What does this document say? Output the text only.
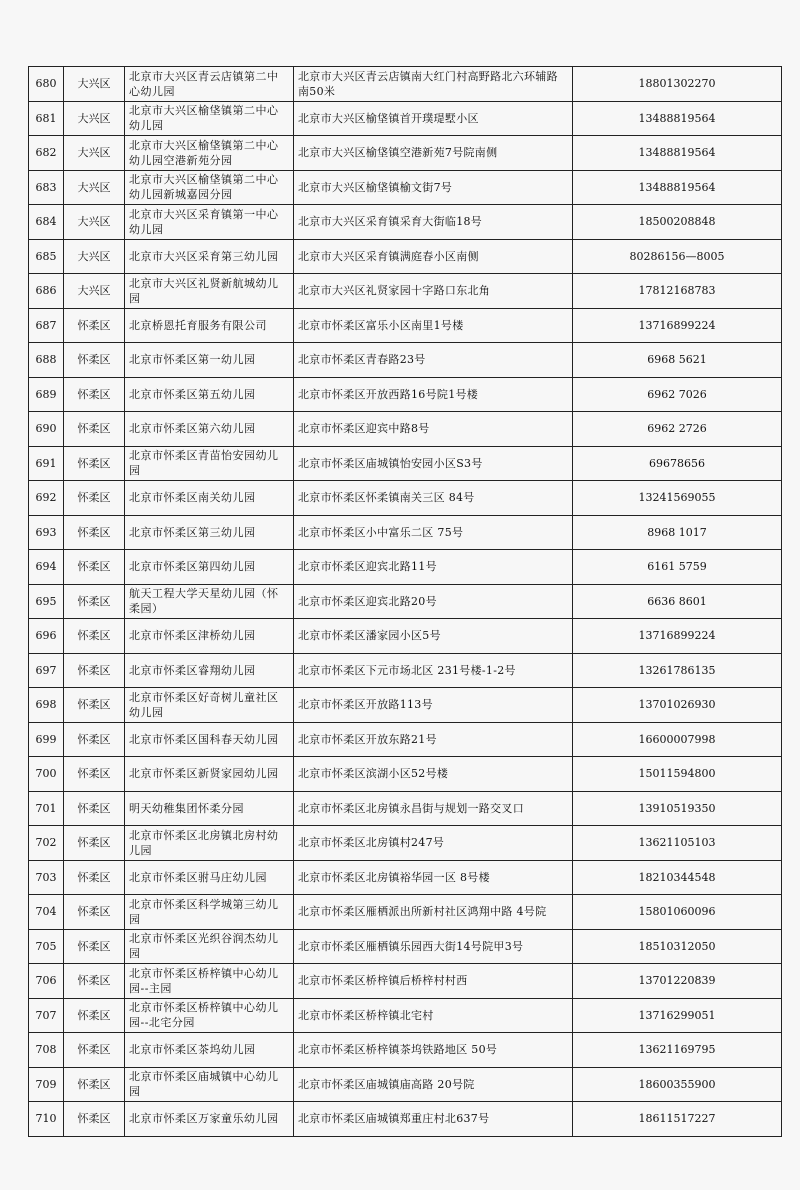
680	大兴区	北京市大兴区青云店镇第二中心幼儿园	北京市大兴区青云店镇南大红门村高野路北六环辅路南50米	18801302270
681	大兴区	北京市大兴区榆垡镇第二中心幼儿园	北京市大兴区榆垡镇首开璞瑅墅小区	13488819564
682	大兴区	北京市大兴区榆垡镇第二中心幼儿园空港新苑分园	北京市大兴区榆垡镇空港新苑7号院南侧	13488819564
683	大兴区	北京市大兴区榆垡镇第二中心幼儿园新城嘉园分园	北京市大兴区榆垡镇榆文街7号	13488819564
684	大兴区	北京市大兴区采育镇第一中心幼儿园	北京市大兴区采育镇采育大街临18号	18500208848
685	大兴区	北京市大兴区采育第三幼儿园	北京市大兴区采育镇满庭春小区南侧	80286156—8005
686	大兴区	北京市大兴区礼贤新航城幼儿园	北京市大兴区礼贤家园十字路口东北角	17812168783
687	怀柔区	北京桥恩托育服务有限公司	北京市怀柔区富乐小区南里1号楼	13716899224
688	怀柔区	北京市怀柔区第一幼儿园	北京市怀柔区青春路23号	6968 5621
689	怀柔区	北京市怀柔区第五幼儿园	北京市怀柔区开放西路16号院1号楼	6962 7026
690	怀柔区	北京市怀柔区第六幼儿园	北京市怀柔区迎宾中路8号	6962 2726
691	怀柔区	北京市怀柔区青苗怡安园幼儿园	北京市怀柔区庙城镇怡安园小区S3号	69678656
692	怀柔区	北京市怀柔区南关幼儿园	北京市怀柔区怀柔镇南关三区 84号	13241569055
693	怀柔区	北京市怀柔区第三幼儿园	北京市怀柔区小中富乐二区 75号	8968 1017
694	怀柔区	北京市怀柔区第四幼儿园	北京市怀柔区迎宾北路11号	6161 5759
695	怀柔区	航天工程大学天星幼儿园（怀柔园）	北京市怀柔区迎宾北路20号	6636 8601
696	怀柔区	北京市怀柔区津桥幼儿园	北京市怀柔区潘家园小区5号	13716899224
697	怀柔区	北京市怀柔区睿翔幼儿园	北京市怀柔区下元市场北区 231号楼-1-2号	13261786135
698	怀柔区	北京市怀柔区好奇树儿童社区幼儿园	北京市怀柔区开放路113号	13701026930
699	怀柔区	北京市怀柔区国科春天幼儿园	北京市怀柔区开放东路21号	16600007998
700	怀柔区	北京市怀柔区新贤家园幼儿园	北京市怀柔区滨湖小区52号楼	15011594800
701	怀柔区	明天幼稚集团怀柔分园	北京市怀柔区北房镇永昌街与规划一路交叉口	13910519350
702	怀柔区	北京市怀柔区北房镇北房村幼儿园	北京市怀柔区北房镇村247号	13621105103
703	怀柔区	北京市怀柔区驸马庄幼儿园	北京市怀柔区北房镇裕华园一区 8号楼	18210344548
704	怀柔区	北京市怀柔区科学城第三幼儿园	北京市怀柔区雁栖派出所新村社区鸿翔中路 4号院	15801060096
705	怀柔区	北京市怀柔区光织谷润杰幼儿园	北京市怀柔区雁栖镇乐园西大街14号院甲3号	18510312050
706	怀柔区	北京市怀柔区桥梓镇中心幼儿园--主园	北京市怀柔区桥梓镇后桥梓村村西	13701220839
707	怀柔区	北京市怀柔区桥梓镇中心幼儿园--北宅分园	北京市怀柔区桥梓镇北宅村	13716299051
708	怀柔区	北京市怀柔区茶坞幼儿园	北京市怀柔区桥梓镇茶坞铁路地区 50号	13621169795
709	怀柔区	北京市怀柔区庙城镇中心幼儿园	北京市怀柔区庙城镇庙高路 20号院	18600355900
710	怀柔区	北京市怀柔区万家童乐幼儿园	北京市怀柔区庙城镇郑重庄村北637号	18611517227
